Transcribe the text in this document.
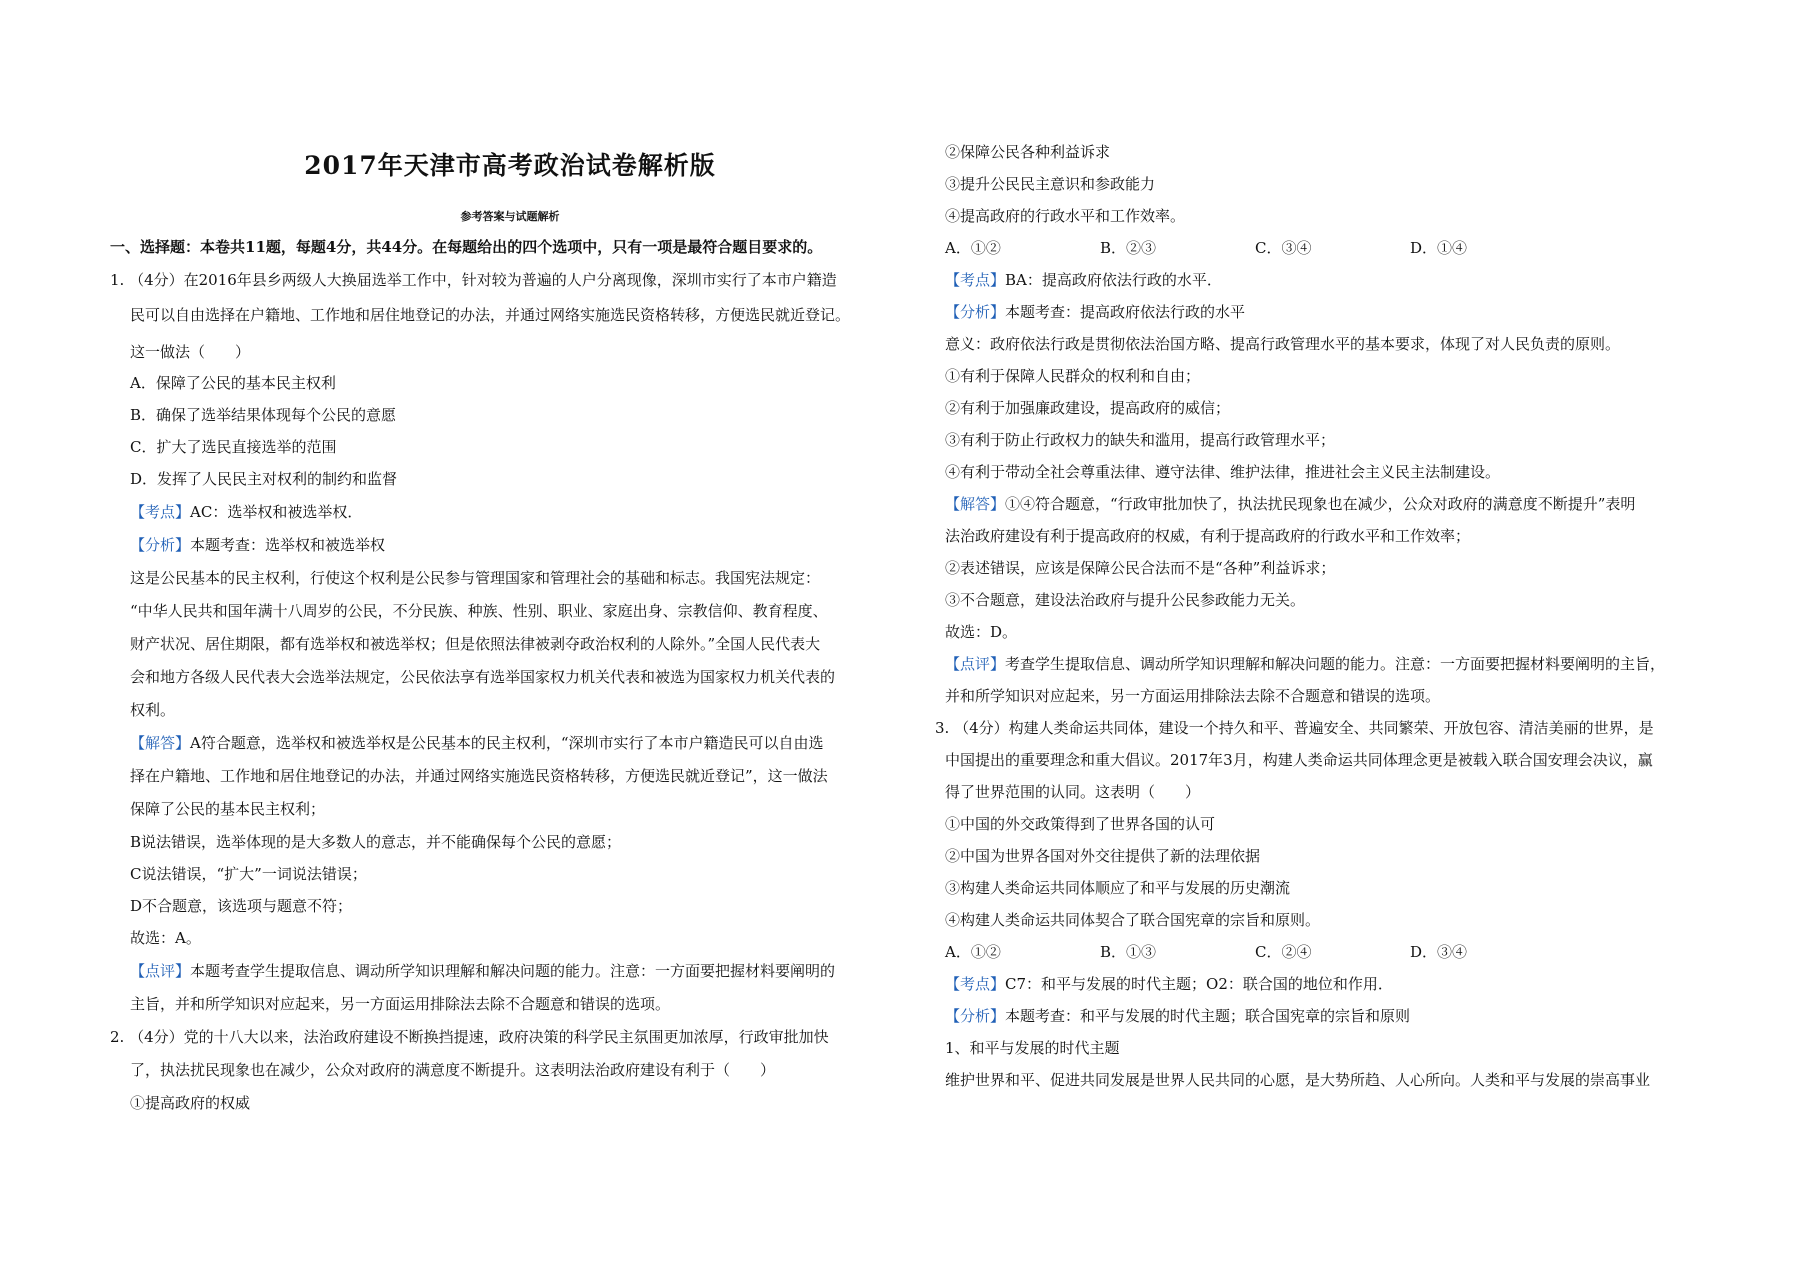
2017年天津市高考政治试卷解析版
参考答案与试题解析
一、选择题：本卷共11题，每题4分，共44分。在每题给出的四个选项中，只有一项是最符合题目要求的。
1. （4分）在2016年县乡两级人大换届选举工作中，针对较为普遍的人户分离现像，深圳市实行了本市户籍造
民可以自由选择在户籍地、工作地和居住地登记的办法，并通过网络实施选民资格转移，方便选民就近登记。
这一做法（　　）
A．保障了公民的基本民主权利
B．确保了选举结果体现每个公民的意愿
C．扩大了选民直接选举的范围
D．发挥了人民民主对权利的制约和监督
【考点】AC：选举权和被选举权．
【分析】本题考查：选举权和被选举权
这是公民基本的民主权利，行使这个权利是公民参与管理国家和管理社会的基础和标志。我国宪法规定：
“中华人民共和国年满十八周岁的公民，不分民族、种族、性别、职业、家庭出身、宗教信仰、教育程度、
财产状况、居住期限，都有选举权和被选举权；但是依照法律被剥夺政治权利的人除外。”全国人民代表大
会和地方各级人民代表大会选举法规定，公民依法享有选举国家权力机关代表和被选为国家权力机关代表的
权利。
【解答】A符合题意，选举权和被选举权是公民基本的民主权利，“深圳市实行了本市户籍造民可以自由选
择在户籍地、工作地和居住地登记的办法，并通过网络实施选民资格转移，方便选民就近登记”，这一做法
保障了公民的基本民主权利；
B说法错误，选举体现的是大多数人的意志，并不能确保每个公民的意愿；
C说法错误，“扩大”一词说法错误；
D不合题意，该选项与题意不符；
故选：A。
【点评】本题考查学生提取信息、调动所学知识理解和解决问题的能力。注意：一方面要把握材料要阐明的
主旨，并和所学知识对应起来，另一方面运用排除法去除不合题意和错误的选项。
2. （4分）党的十八大以来，法治政府建设不断换挡提速，政府决策的科学民主氛围更加浓厚，行政审批加快
了，执法扰民现象也在减少，公众对政府的满意度不断提升。这表明法治政府建设有利于（　　）
①提高政府的权威
②保障公民各种利益诉求
③提升公民民主意识和参政能力
④提高政府的行政水平和工作效率。
【考点】BA：提高政府依法行政的水平．
【分析】本题考查：提高政府依法行政的水平
意义：政府依法行政是贯彻依法治国方略、提高行政管理水平的基本要求，体现了对人民负责的原则。
①有利于保障人民群众的权利和自由；
②有利于加强廉政建设，提高政府的威信；
③有利于防止行政权力的缺失和滥用，提高行政管理水平；
④有利于带动全社会尊重法律、遵守法律、维护法律，推进社会主义民主法制建设。
【解答】①④符合题意，“行政审批加快了，执法扰民现象也在减少，公众对政府的满意度不断提升”表明
法治政府建设有利于提高政府的权威，有利于提高政府的行政水平和工作效率；
②表述错误，应该是保障公民合法而不是“各种”利益诉求；
③不合题意，建设法治政府与提升公民参政能力无关。
故选：D。
【点评】考查学生提取信息、调动所学知识理解和解决问题的能力。注意：一方面要把握材料要阐明的主旨，
并和所学知识对应起来，另一方面运用排除法去除不合题意和错误的选项。
3. （4分）构建人类命运共同体，建设一个持久和平、普遍安全、共同繁荣、开放包容、清洁美丽的世界，是
中国提出的重要理念和重大倡议。2017年3月，构建人类命运共同体理念更是被载入联合国安理会决议，赢
得了世界范围的认同。这表明（　　）
①中国的外交政策得到了世界各国的认可
②中国为世界各国对外交往提供了新的法理依据
③构建人类命运共同体顺应了和平与发展的历史潮流
④构建人类命运共同体契合了联合国宪章的宗旨和原则。
【考点】C7：和平与发展的时代主题；O2：联合国的地位和作用．
【分析】本题考查：和平与发展的时代主题；联合国宪章的宗旨和原则
1、和平与发展的时代主题
维护世界和平、促进共同发展是世界人民共同的心愿，是大势所趋、人心所向。人类和平与发展的崇高事业
A．①②	B．②③	C．③④	D．①④
A．①②	B．①③	C．②④	D．③④
